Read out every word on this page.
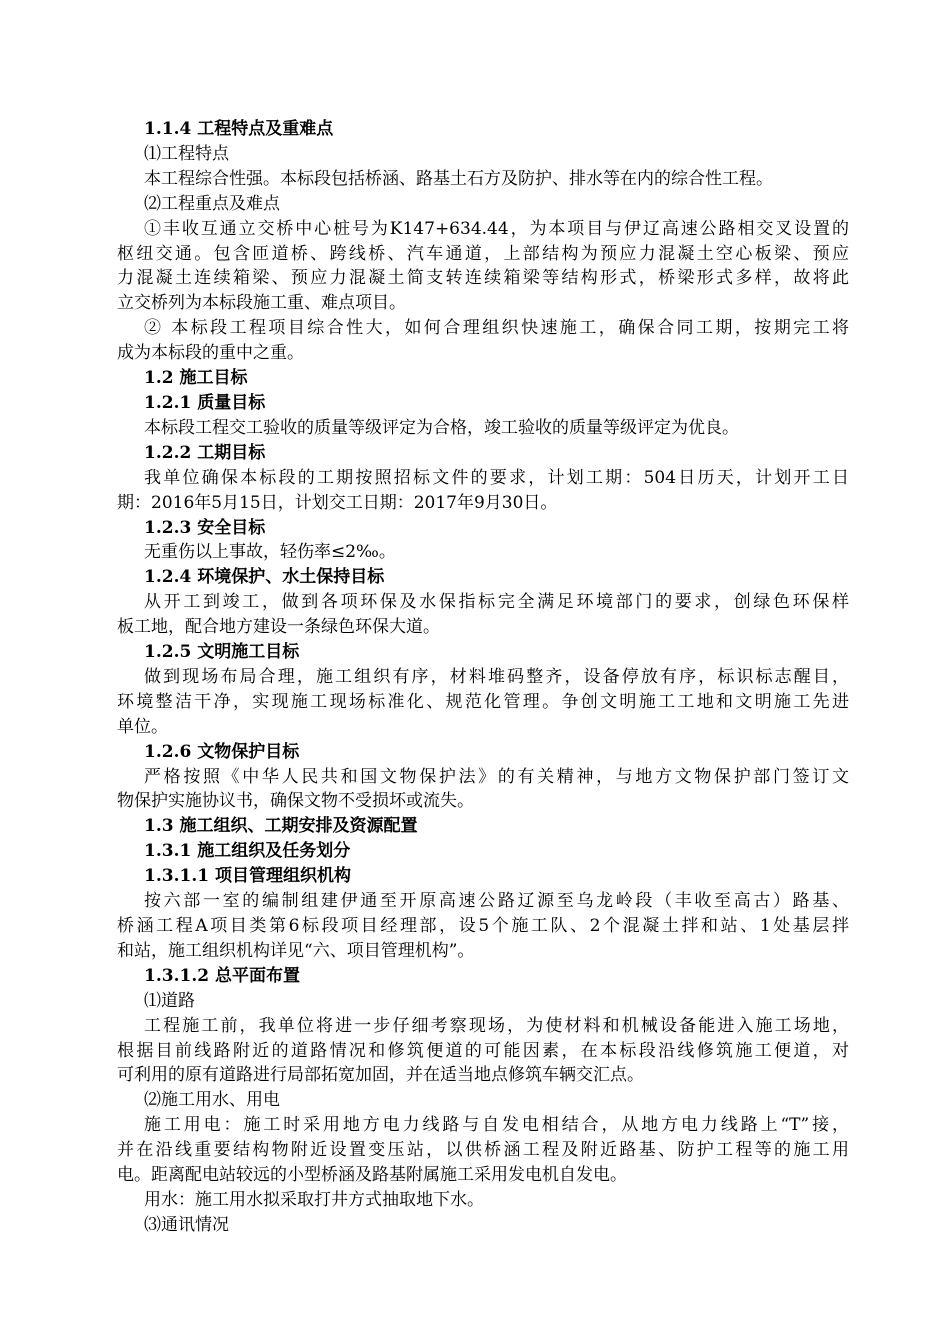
1.1.4 工程特点及重难点
⑴工程特点
本工程综合性强。本标段包括桥涵、路基土石方及防护、排水等在内的综合性工程。
⑵工程重点及难点
①丰收互通立交桥中心桩号为K147+634.44，为本项目与伊辽高速公路相交叉设置的
枢纽交通。包含匝道桥、跨线桥、汽车通道，上部结构为预应力混凝土空心板梁、预应
力混凝土连续箱梁、预应力混凝土简支转连续箱梁等结构形式，桥梁形式多样，故将此
立交桥列为本标段施工重、难点项目。
② 本标段工程项目综合性大，如何合理组织快速施工，确保合同工期，按期完工将
成为本标段的重中之重。
1.2 施工目标
1.2.1 质量目标
本标段工程交工验收的质量等级评定为合格，竣工验收的质量等级评定为优良。
1.2.2 工期目标
我单位确保本标段的工期按照招标文件的要求，计划工期：504日历天，计划开工日
期：2016年5月15日，计划交工日期：2017年9月30日。
1.2.3 安全目标
无重伤以上事故，轻伤率≤2‰。
1.2.4 环境保护、水土保持目标
从开工到竣工，做到各项环保及水保指标完全满足环境部门的要求，创绿色环保样
板工地，配合地方建设一条绿色环保大道。
1.2.5 文明施工目标
做到现场布局合理，施工组织有序，材料堆码整齐，设备停放有序，标识标志醒目，
环境整洁干净，实现施工现场标准化、规范化管理。争创文明施工工地和文明施工先进
单位。
1.2.6 文物保护目标
严格按照《中华人民共和国文物保护法》的有关精神，与地方文物保护部门签订文
物保护实施协议书，确保文物不受损坏或流失。
1.3 施工组织、工期安排及资源配置
1.3.1 施工组织及任务划分
1.3.1.1 项目管理组织机构
按六部一室的编制组建伊通至开原高速公路辽源至乌龙岭段（丰收至高古）路基、
桥涵工程A项目类第6标段项目经理部，设5个施工队、2个混凝土拌和站、1处基层拌
和站，施工组织机构详见“六、项目管理机构”。
1.3.1.2 总平面布置
⑴道路
工程施工前，我单位将进一步仔细考察现场，为使材料和机械设备能进入施工场地，
根据目前线路附近的道路情况和修筑便道的可能因素，在本标段沿线修筑施工便道，对
可利用的原有道路进行局部拓宽加固，并在适当地点修筑车辆交汇点。
⑵施工用水、用电
施工用电：施工时采用地方电力线路与自发电相结合，从地方电力线路上“T”接，
并在沿线重要结构物附近设置变压站，以供桥涵工程及附近路基、防护工程等的施工用
电。距离配电站较远的小型桥涵及路基附属施工采用发电机自发电。
用水：施工用水拟采取打井方式抽取地下水。
⑶通讯情况
